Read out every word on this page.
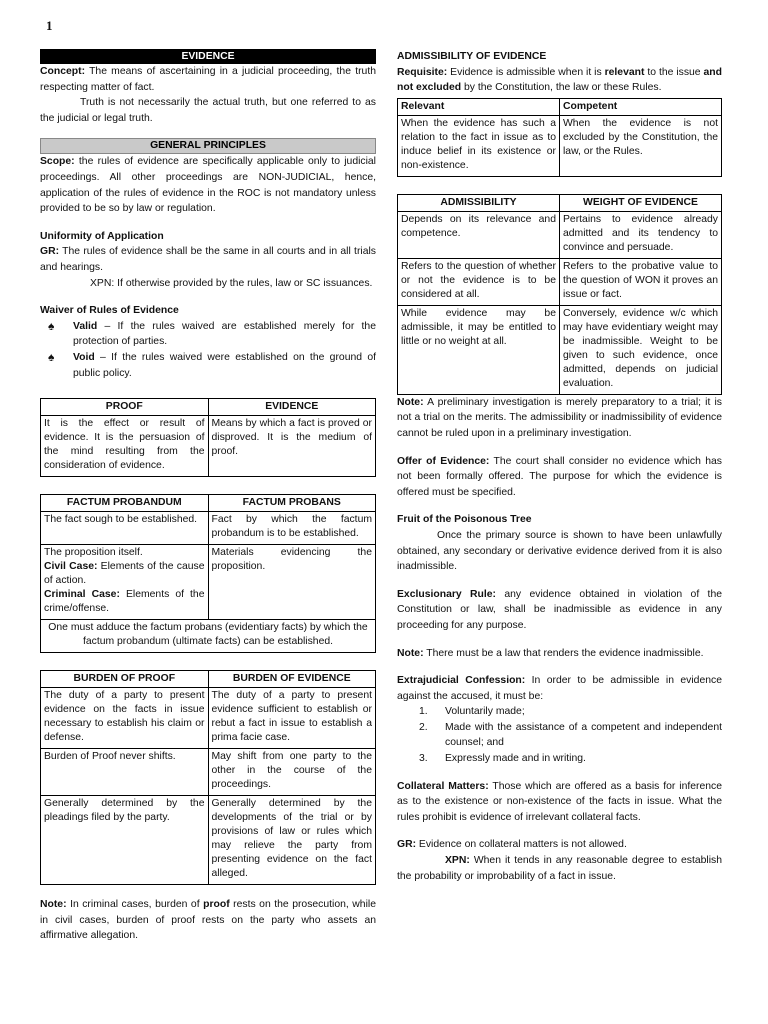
1
EVIDENCE

Concept: The means of ascertaining in a judicial proceeding, the truth respecting matter of fact.

Truth is not necessarily the actual truth, but one referred to as the judicial or legal truth.

GENERAL PRINCIPLES

Scope: the rules of evidence are specifically applicable only to judicial proceedings. All other proceedings are NON-JUDICIAL, hence, application of the rules of evidence in the ROC is not mandatory unless provided to be so by law or regulation.

Uniformity of Application

GR: The rules of evidence shall be the same in all courts and in all trials and hearings.

XPN: If otherwise provided by the rules, law or SC issuances.

Waiver of Rules of Evidence

♠ Valid – If the rules waived are established merely for the protection of parties.
♠ Void – If the rules waived were established on the ground of public policy.
PROOF	EVIDENCE
It is the effect or result of evidence. It is the persuasion of the mind resulting from the consideration of evidence.	Means by which a fact is proved or disproved. It is the medium of proof.
FACTUM PROBANDUM	FACTUM PROBANS
The fact sough to be established.	Fact by which the factum probandum is to be established.

The proposition itself.
Civil Case: Elements of the cause of action.
Criminal Case: Elements of the crime/offense.	Materials evidencing the proposition.
One must adduce the factum probans (evidentiary facts) by which the factum probandum (ultimate facts) can be established.	
BURDEN OF PROOF	BURDEN OF EVIDENCE
The duty of a party to present evidence on the facts in issue necessary to establish his claim or defense.	The duty of a party to present evidence sufficient to establish or rebut a fact in issue to establish a prima facie case.
Burden of Proof never shifts.	May shift from one party to the other in the course of the proceedings.
Generally determined by the pleadings filed by the party.	Generally determined by the developments of the trial or by provisions of law or rules which may relieve the party from presenting evidence on the fact alleged.

Note: In criminal cases, burden of proof rests on the prosecution, while in civil cases, burden of proof rests on the party who assets an affirmative allegation.

ADMISSIBILITY OF EVIDENCE

Requisite: Evidence is admissible when it is relevant to the issue and not excluded by the Constitution, the law or these Rules.

Relevant	Competent
When the evidence has such a relation to the fact in issue as to induce belief in its existence or non-existence.	When the evidence is not excluded by the Constitution, the law, or the Rules.
ADMISSIBILITY	WEIGHT OF EVIDENCE
Depends on its relevance and competence.	Pertains to evidence already admitted and its tendency to convince and persuade.
Refers to the question of whether or not the evidence is to be considered at all.	Refers to the probative value to the question of WON it proves an issue or fact.
While evidence may be admissible, it may be entitled to little or no weight at all.	Conversely, evidence w/c which may have evidentiary weight may be inadmissible. Weight to be given to such evidence, once admitted, depends on judicial evaluation.

Note: A preliminary investigation is merely preparatory to a trial; it is not a trial on the merits. The admissibility or inadmissibility of evidence cannot be ruled upon in a preliminary investigation.

Offer of Evidence: The court shall consider no evidence which has not been formally offered. The purpose for which the evidence is offered must be specified.

Fruit of the Poisonous Tree

Once the primary source is shown to have been unlawfully obtained, any secondary or derivative evidence derived from it is also inadmissible.

Exclusionary Rule: any evidence obtained in violation of the Constitution or law, shall be inadmissible as evidence in any proceeding for any purpose.

Note: There must be a law that renders the evidence inadmissible.

Extrajudicial Confession: In order to be admissible in evidence against the accused, it must be:

1. Voluntarily made;
2. Made with the assistance of a competent and independent counsel; and
3. Expressly made and in writing.

Collateral Matters: Those which are offered as a basis for inference as to the existence or non-existence of the facts in issue. What the rules prohibit is evidence of irrelevant collateral facts.

GR: Evidence on collateral matters is not allowed.

XPN: When it tends in any reasonable degree to establish the probability or improbability of a fact in issue.
